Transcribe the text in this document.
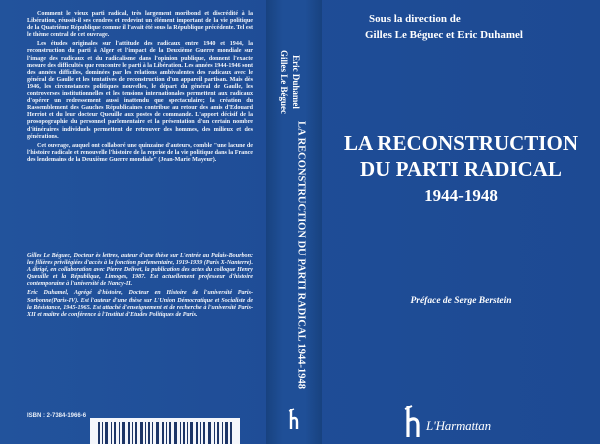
Comment le vieux parti radical, très largement moribond et discrédité à la Libération, réussit-il ses cendres et redevint un élément important de la vie politique de la Quatrième République comme il l'avait été sous la République précédente. Tel est le thème central de cet ouvrage.

Les études originales sur l'attitude des radicaux entre 1940 et 1944, la reconstruction du parti à Alger et l'impact de la Deuxième Guerre mondiale sur l'image des radicaux et du radicalisme dans l'opinion publique, donnent l'exacte mesure des difficultés que rencontre le parti à la Libération. Les années 1944-1946 sont des années difficiles, dominées par les relations ambivalentes des radicaux avec le général de Gaulle et les tentatives de reconstruction d'un appareil partisan. Mais dès 1946, les circonstances politiques nouvelles, le départ du général de Gaulle, les controverses institutionnelles et les tensions internationales permettent aux radicaux d'opérer un redressement aussi inattendu que spectaculaire; la création du Rassemblement des Gauches Républicaines contribue au retour des amis d'Edouard Herriot et du leur docteur Queuille aux postes de commande. L'apport décisif de la prosopographie du personnel parlementaire et la présentation d'un certain nombre d'itinéraires individuels permettent de retrouver des hommes, des milieux et des générations.

Cet ouvrage, auquel ont collaboré une quinzaine d'auteurs, comble "une lacune de l'histoire radicale et renouvelle l'histoire de la reprise de la vie politique dans la France des lendemains de la Deuxième Guerre mondiale" (Jean-Marie Mayeur).

Gilles Le Béguec, Docteur ès lettres, auteur d'une thèse sur L'entrée au Palais-Bourbon: les filières privilégiées d'accès à la fonction parlementaire, 1919-1939 (Paris X-Nanterre). A dirigé, en collaboration avec Pierre Delivet, la publication des actes du colloque Henry Queuille et la République, Limoges, 1987. Est actuellement professeur d'histoire contemporaine à l'université de Nancy-II.

Eric Duhamel, Agrégé d'histoire, Docteur en Histoire de l'université Paris-Sorbonne(Paris-IV). Est l'auteur d'une thèse sur L'Union Démocratique et Socialiste de la Résistance, 1945-1965. Est attaché d'enseignement et de recherche à l'université Paris-XII et maître de conférence à l'Institut d'Etudes Politiques de Paris.

ISBN : 2-7384-1966-6
Gilles Le Béguec Eric Duhamel
LA RECONSTRUCTION DU PARTI RADICAL 1944-1948
Sous la direction de
Gilles Le Béguec et Eric Duhamel
LA RECONSTRUCTION
DU PARTI RADICAL
1944-1948
Préface de Serge Berstein
L'Harmattan
